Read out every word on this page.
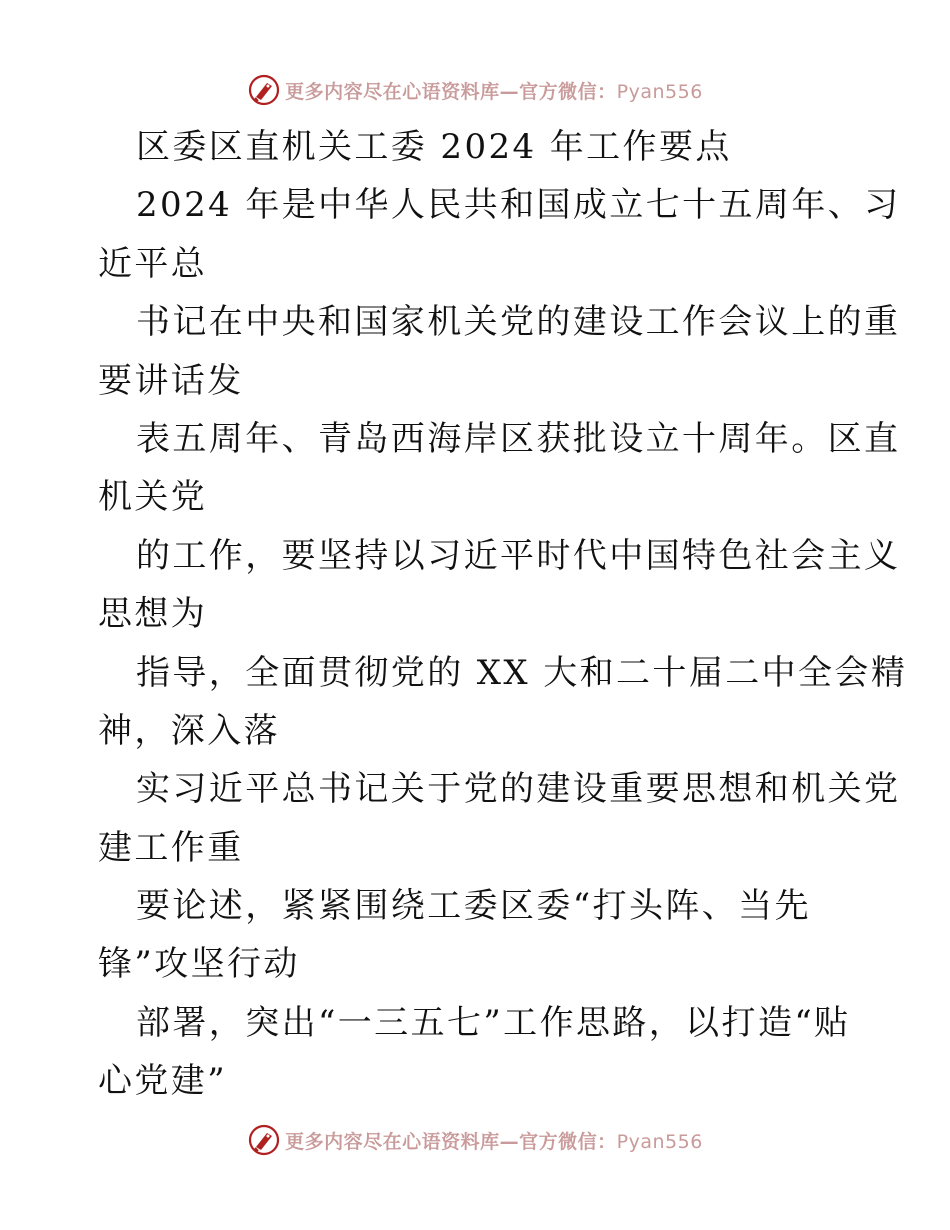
更多内容尽在心语资料库—官方微信：Pyan556
区委区直机关工委 2024 年工作要点
2024 年是中华人民共和国成立七十五周年、习
近平总
书记在中央和国家机关党的建设工作会议上的重
要讲话发
表五周年、青岛西海岸区获批设立十周年。区直
机关党
的工作，要坚持以习近平时代中国特色社会主义
思想为
指导，全面贯彻党的 XX 大和二十届二中全会精
神，深入落
实习近平总书记关于党的建设重要思想和机关党
建工作重
要论述，紧紧围绕工委区委“打头阵、当先
锋”攻坚行动
部署，突出“一三五七”工作思路，以打造“贴
心党建”
更多内容尽在心语资料库—官方微信：Pyan556
